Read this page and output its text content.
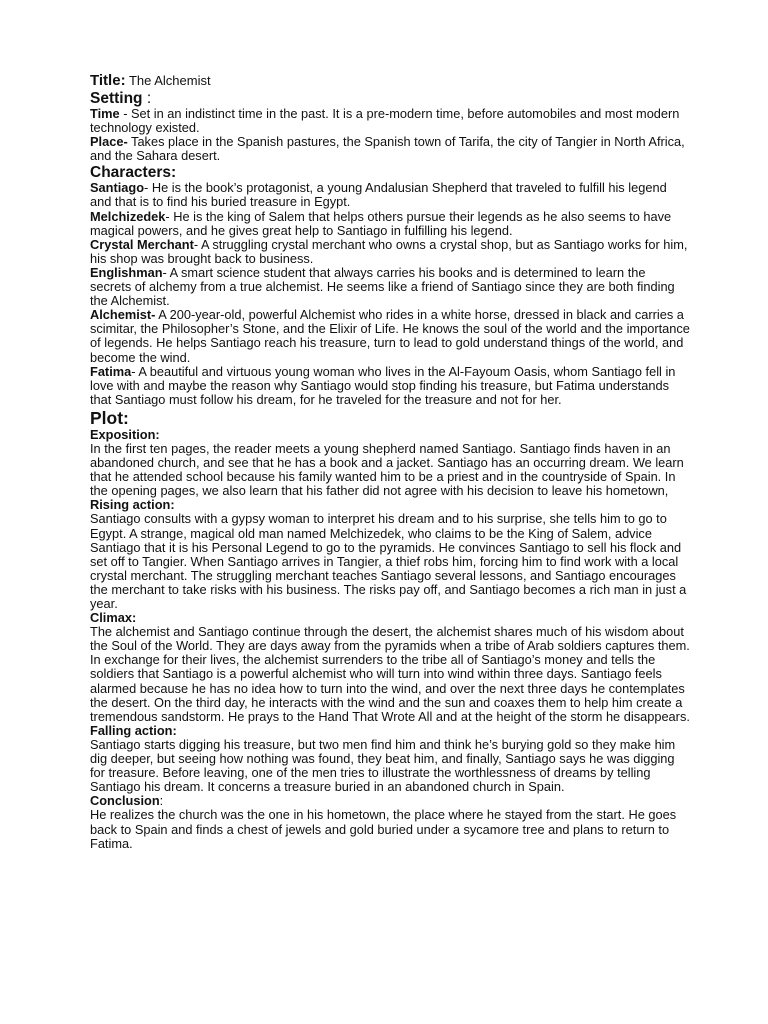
Title: The Alchemist
Setting :

Time - Set in an indistinct time in the past. It is a pre-modern time, before automobiles and most modern technology existed.

Place- Takes place in the Spanish pastures, the Spanish town of Tarifa, the city of Tangier in North Africa, and the Sahara desert.

Characters:

Santiago- He is the book’s protagonist, a young Andalusian Shepherd that traveled to fulfill his legend and that is to find his buried treasure in Egypt.

Melchizedek- He is the king of Salem that helps others pursue their legends as he also seems to have magical powers, and he gives great help to Santiago in fulfilling his legend.

Crystal Merchant- A struggling crystal merchant who owns a crystal shop, but as Santiago works for him, his shop was brought back to business.

Englishman- A smart science student that always carries his books and is determined to learn the secrets of alchemy from a true alchemist. He seems like a friend of Santiago since they are both finding the Alchemist.

Alchemist- A 200-year-old, powerful Alchemist who rides in a white horse, dressed in black and carries a scimitar, the Philosopher’s Stone, and the Elixir of Life. He knows the soul of the world and the importance of legends. He helps Santiago reach his treasure, turn to lead to gold understand things of the world, and become the wind.

Fatima- A beautiful and virtuous young woman who lives in the Al-Fayoum Oasis, whom Santiago fell in love with and maybe the reason why Santiago would stop finding his treasure, but Fatima understands that Santiago must follow his dream, for he traveled for the treasure and not for her.

Plot:
Exposition:

In the first ten pages, the reader meets a young shepherd named Santiago. Santiago finds haven in an abandoned church, and see that he has a book and a jacket. Santiago has an occurring dream. We learn that he attended school because his family wanted him to be a priest and in the countryside of Spain. In the opening pages, we also learn that his father did not agree with his decision to leave his hometown,

Rising action:

Santiago consults with a gypsy woman to interpret his dream and to his surprise, she tells him to go to Egypt. A strange, magical old man named Melchizedek, who claims to be the King of Salem, advice Santiago that it is his Personal Legend to go to the pyramids. He convinces Santiago to sell his flock and set off to Tangier. When Santiago arrives in Tangier, a thief robs him, forcing him to find work with a local crystal merchant. The struggling merchant teaches Santiago several lessons, and Santiago encourages the merchant to take risks with his business. The risks pay off, and Santiago becomes a rich man in just a year.

Climax:

The alchemist and Santiago continue through the desert, the alchemist shares much of his wisdom about the Soul of the World. They are days away from the pyramids when a tribe of Arab soldiers captures them. In exchange for their lives, the alchemist surrenders to the tribe all of Santiago’s money and tells the soldiers that Santiago is a powerful alchemist who will turn into wind within three days. Santiago feels alarmed because he has no idea how to turn into the wind, and over the next three days he contemplates the desert. On the third day, he interacts with the wind and the sun and coaxes them to help him create a tremendous sandstorm. He prays to the Hand That Wrote All and at the height of the storm he disappears.

Falling action:

Santiago starts digging his treasure, but two men find him and think he’s burying gold so they make him dig deeper, but seeing how nothing was found, they beat him, and finally, Santiago says he was digging for treasure. Before leaving, one of the men tries to illustrate the worthlessness of dreams by telling Santiago his dream. It concerns a treasure buried in an abandoned church in Spain.

Conclusion:

He realizes the church was the one in his hometown, the place where he stayed from the start. He goes back to Spain and finds a chest of jewels and gold buried under a sycamore tree and plans to return to Fatima.
